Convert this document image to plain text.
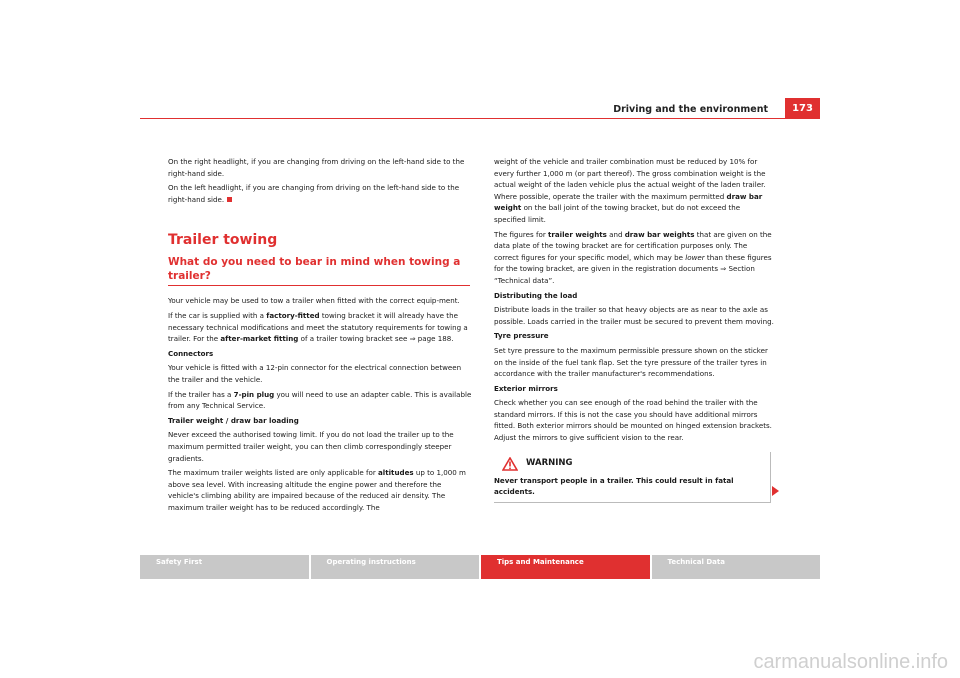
Driving and the environment	173

On the right headlight, if you are changing from driving on the left-hand side to the right-hand side.

On the left headlight, if you are changing from driving on the left-hand side to the right-hand side.

Trailer towing
What do you need to bear in mind when towing a trailer?

Your vehicle may be used to tow a trailer when fitted with the correct equip-ment.

If the car is supplied with a factory-fitted towing bracket it will already have the necessary technical modifications and meet the statutory requirements for towing a trailer. For the after-market fitting of a trailer towing bracket see ⇒ page 188.

Connectors

Your vehicle is fitted with a 12-pin connector for the electrical connection between the trailer and the vehicle.

If the trailer has a 7-pin plug you will need to use an adapter cable. This is available from any Technical Service.

Trailer weight / draw bar loading

Never exceed the authorised towing limit. If you do not load the trailer up to the maximum permitted trailer weight, you can then climb correspondingly steeper gradients.

The maximum trailer weights listed are only applicable for altitudes up to 1,000 m above sea level. With increasing altitude the engine power and therefore the vehicle's climbing ability are impaired because of the reduced air density. The maximum trailer weight has to be reduced accordingly. The

weight of the vehicle and trailer combination must be reduced by 10% for every further 1,000 m (or part thereof). The gross combination weight is the actual weight of the laden vehicle plus the actual weight of the laden trailer. Where possible, operate the trailer with the maximum permitted draw bar weight on the ball joint of the towing bracket, but do not exceed the specified limit.

The figures for trailer weights and draw bar weights that are given on the data plate of the towing bracket are for certification purposes only. The correct figures for your specific model, which may be lower than these figures for the towing bracket, are given in the registration documents ⇒ Section “Technical data”.

Distributing the load

Distribute loads in the trailer so that heavy objects are as near to the axle as possible. Loads carried in the trailer must be secured to prevent them moving.

Tyre pressure

Set tyre pressure to the maximum permissible pressure shown on the sticker on the inside of the fuel tank flap. Set the tyre pressure of the trailer tyres in accordance with the trailer manufacturer's recommendations.

Exterior mirrors

Check whether you can see enough of the road behind the trailer with the standard mirrors. If this is not the case you should have additional mirrors fitted. Both exterior mirrors should be mounted on hinged extension brackets. Adjust the mirrors to give sufficient vision to the rear.

WARNING
Never transport people in a trailer. This could result in fatal accidents.
Safety First	Operating instructions	Tips and Maintenance	Technical Data
carmanualsonline.info
